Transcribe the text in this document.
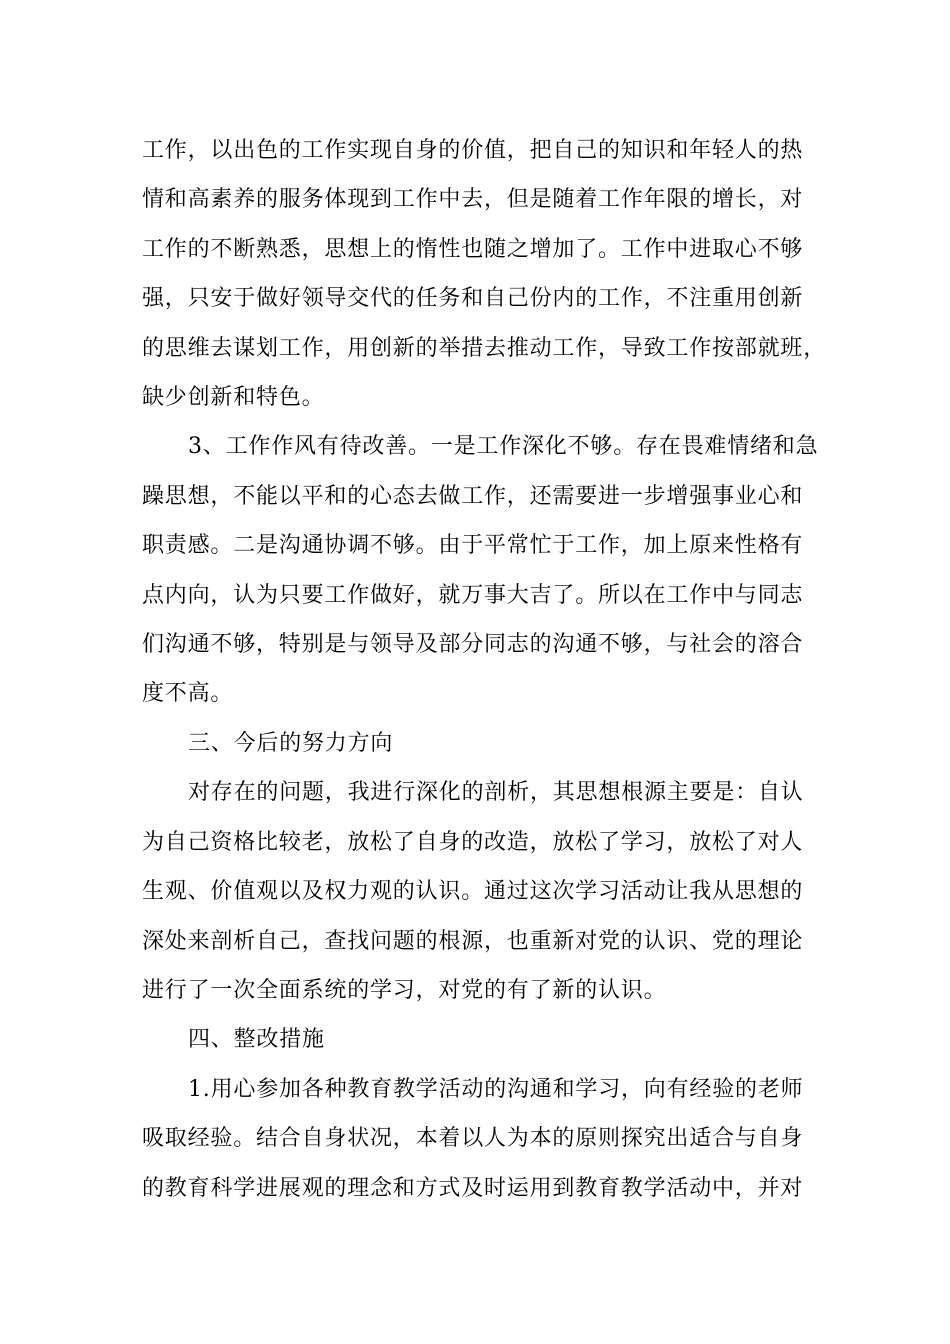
工作，以出色的工作实现自身的价值，把自己的知识和年轻人的热
情和高素养的服务体现到工作中去，但是随着工作年限的增长，对
工作的不断熟悉，思想上的惰性也随之增加了。工作中进取心不够
强，只安于做好领导交代的任务和自己份内的工作，不注重用创新
的思维去谋划工作，用创新的举措去推动工作，导致工作按部就班，
缺少创新和特色。
3、工作作风有待改善。一是工作深化不够。存在畏难情绪和急
躁思想，不能以平和的心态去做工作，还需要进一步增强事业心和
职责感。二是沟通协调不够。由于平常忙于工作，加上原来性格有
点内向，认为只要工作做好，就万事大吉了。所以在工作中与同志
们沟通不够，特别是与领导及部分同志的沟通不够，与社会的溶合
度不高。
三、今后的努力方向
对存在的问题，我进行深化的剖析，其思想根源主要是：自认
为自己资格比较老，放松了自身的改造，放松了学习，放松了对人
生观、价值观以及权力观的认识。通过这次学习活动让我从思想的
深处来剖析自己，查找问题的根源，也重新对党的认识、党的理论
进行了一次全面系统的学习，对党的有了新的认识。
四、整改措施
1.用心参加各种教育教学活动的沟通和学习，向有经验的老师
吸取经验。结合自身状况，本着以人为本的原则探究出适合与自身
的教育科学进展观的理念和方式及时运用到教育教学活动中，并对
